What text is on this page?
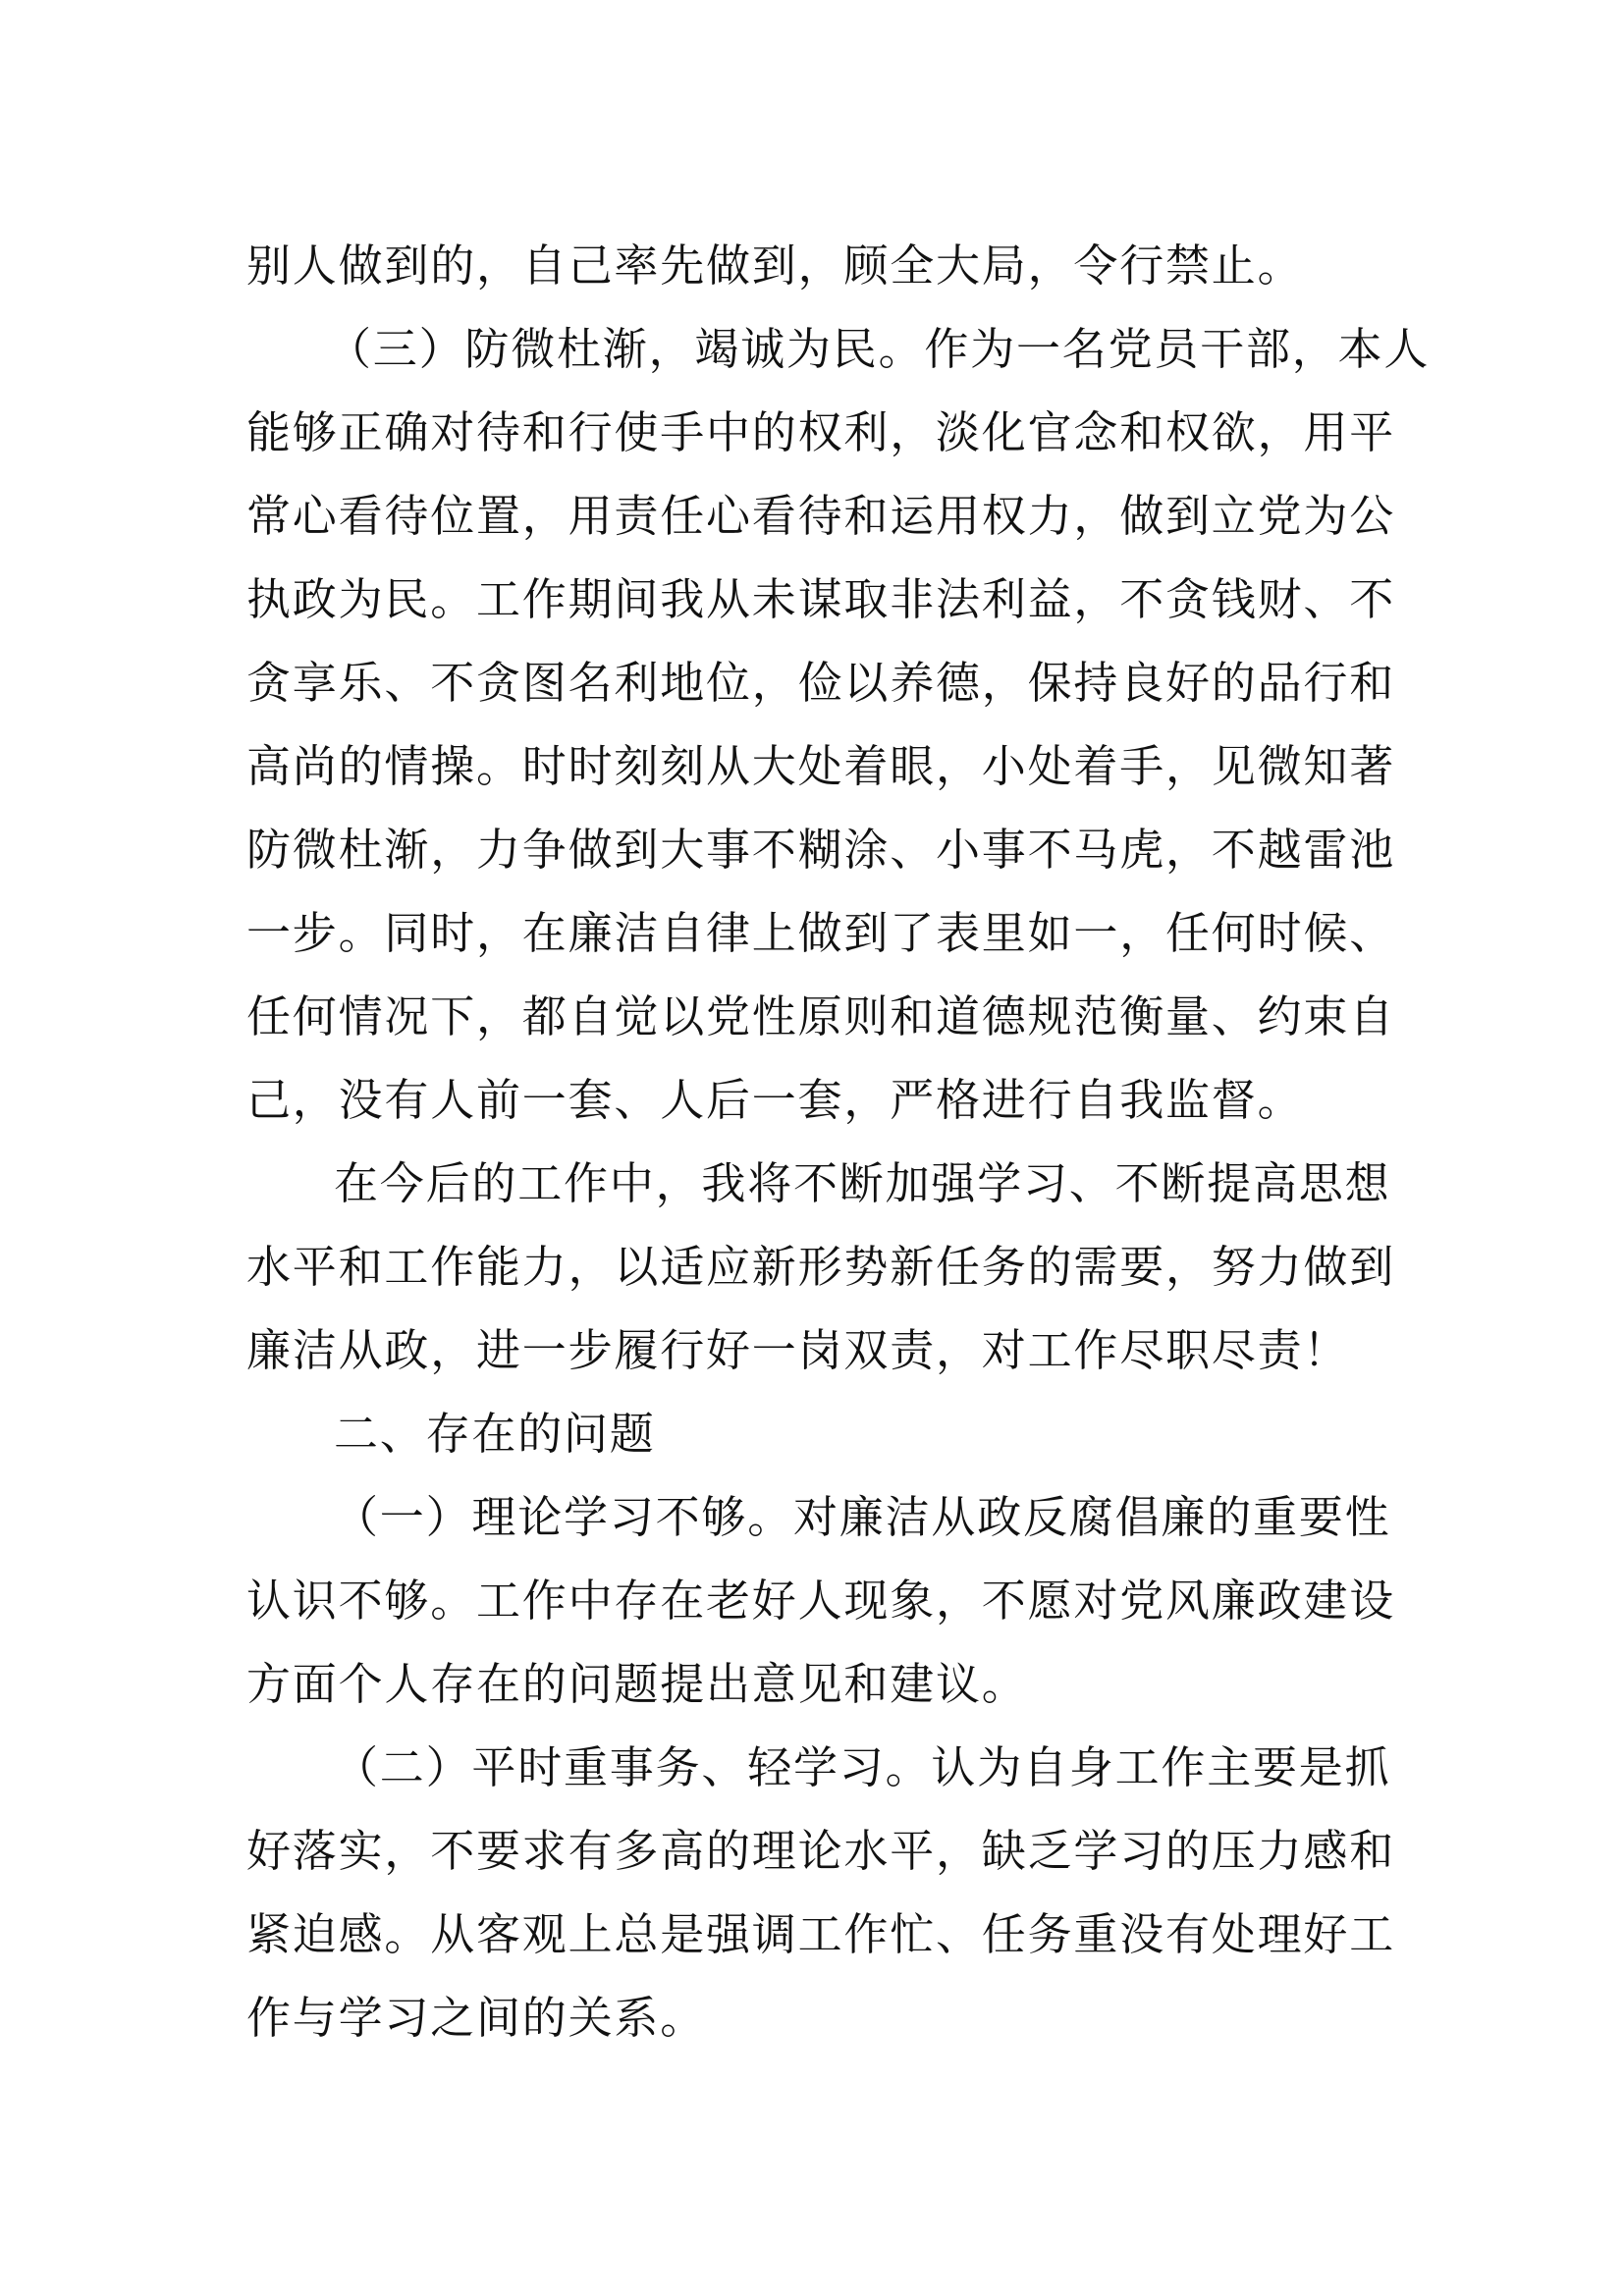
别人做到的，自己率先做到，顾全大局，令行禁止。
（三）防微杜渐，竭诚为民。作为一名党员干部，本人
能够正确对待和行使手中的权利，淡化官念和权欲，用平
常心看待位置，用责任心看待和运用权力，做到立党为公
执政为民。工作期间我从未谋取非法利益，不贪钱财、不
贪享乐、不贪图名利地位，俭以养德，保持良好的品行和
高尚的情操。时时刻刻从大处着眼，小处着手，见微知著
防微杜渐，力争做到大事不糊涂、小事不马虎，不越雷池
一步。同时，在廉洁自律上做到了表里如一，任何时候、
任何情况下，都自觉以党性原则和道德规范衡量、约束自
己，没有人前一套、人后一套，严格进行自我监督。
在今后的工作中，我将不断加强学习、不断提高思想
水平和工作能力，以适应新形势新任务的需要，努力做到
廉洁从政，进一步履行好一岗双责，对工作尽职尽责！
二、存在的问题
（一）理论学习不够。对廉洁从政反腐倡廉的重要性
认识不够。工作中存在老好人现象，不愿对党风廉政建设
方面个人存在的问题提出意见和建议。
（二）平时重事务、轻学习。认为自身工作主要是抓
好落实，不要求有多高的理论水平，缺乏学习的压力感和
紧迫感。从客观上总是强调工作忙、任务重没有处理好工
作与学习之间的关系。
